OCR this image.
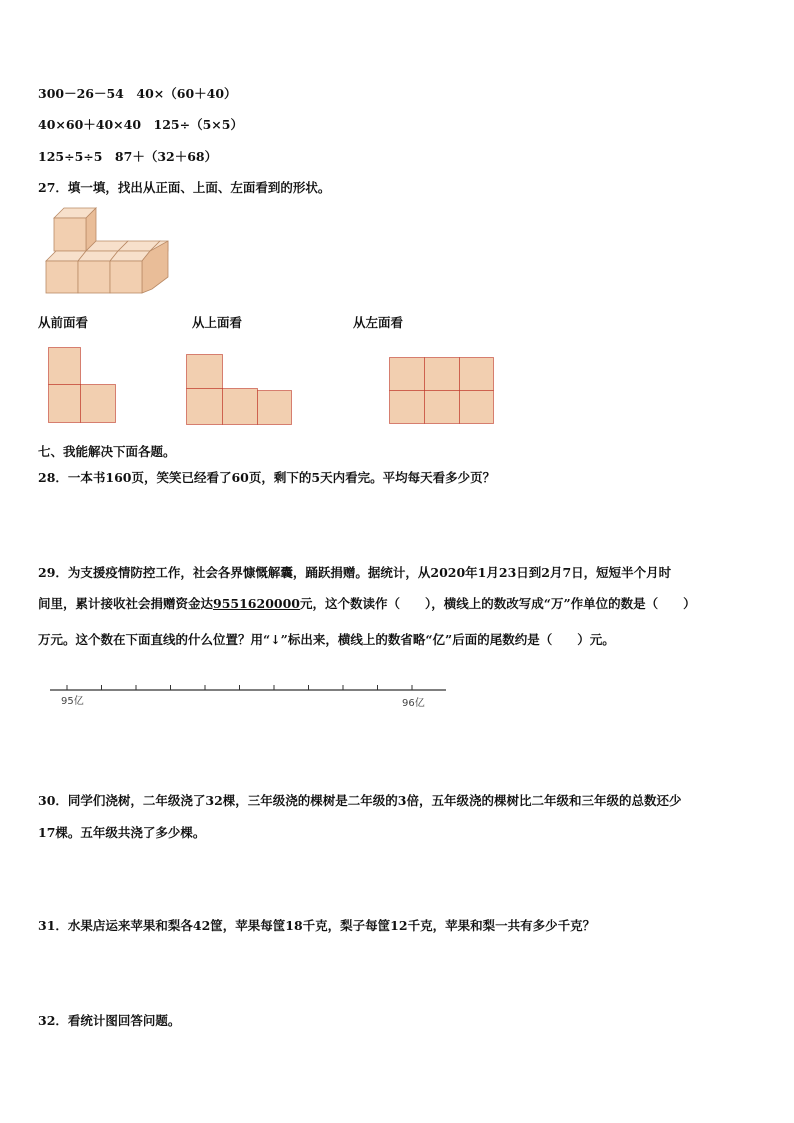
300－26－54　40×（60＋40）
40×60＋40×40　125÷（5×5）
125÷5÷5　87＋（32＋68）
27．填一填，找出从正面、上面、左面看到的形状。
从前面看	从上面看	从左面看
七、我能解决下面各题。
28．一本书160页，笑笑已经看了60页，剩下的5天内看完。平均每天看多少页？
29．为支援疫情防控工作，社会各界慷慨解囊，踊跃捐赠。据统计，从2020年1月23日到2月7日，短短半个月时
间里，累计接收社会捐赠资金达9551620000元，这个数读作（　　），横线上的数改写成“万”作单位的数是（　　）
万元。这个数在下面直线的什么位置？用“↓”标出来，横线上的数省略“亿”后面的尾数约是（　　）元。
95亿	96亿
30．同学们浇树，二年级浇了32棵，三年级浇的棵树是二年级的3倍，五年级浇的棵树比二年级和三年级的总数还少
17棵。五年级共浇了多少棵。
31．水果店运来苹果和梨各42筐，苹果每筐18千克，梨子每筐12千克，苹果和梨一共有多少千克？
32．看统计图回答问题。
